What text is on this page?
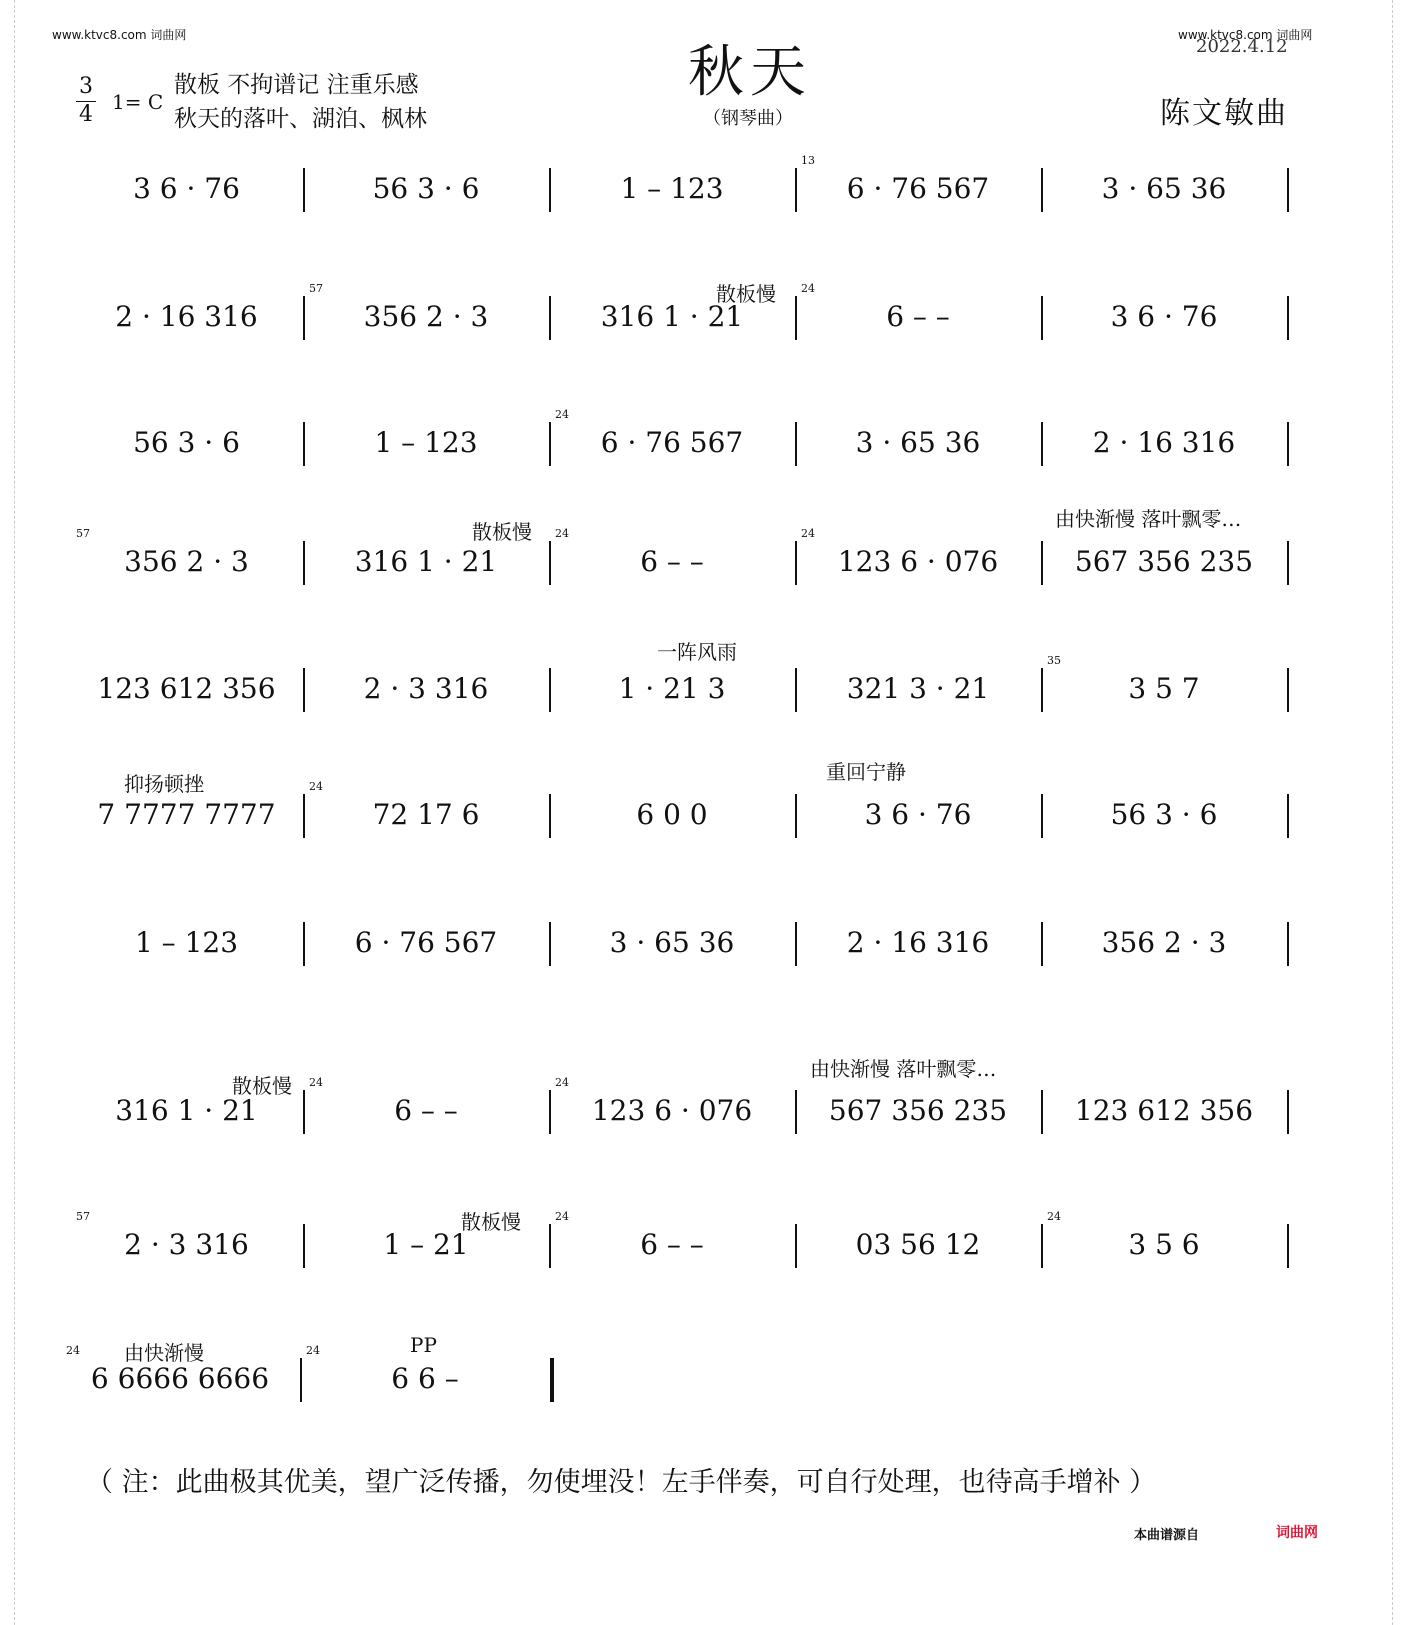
www.ktvc8.com 词曲网	www.ktvc8.com 词曲网
2022.4.12
秋天
（钢琴曲）	陈文敏曲
3
4 1= C
散板 不拘谱记 注重乐感
秋天的落叶、湖泊、枫林
3 6 · 76	56 3 · 6	1 – 123
13
6 · 76 567	3 · 65 36
2 · 16 316
57
356 2 · 3	316 1 · 21
24
6 – –	3 6 · 76
散板慢
56 3 · 6	1 – 123
24
6 · 76 567	3 · 65 36	2 · 16 316
57
356 2 · 3	316 1 · 21
24
6 – –
24
123 6 · 076	567 356 235
散板慢
由快渐慢 落叶飘零…
123 612 356	2 · 3 316	1 · 21 3	321 3 · 21
35
3 5 7
一阵风雨
7 7777 7777
24
72 17 6	6 0 0	3 6 · 76	56 3 · 6
抑扬顿挫	重回宁静
1 – 123	6 · 76 567	3 · 65 36	2 · 16 316	356 2 · 3
316 1 · 21
24
6 – –
24
123 6 · 076	567 356 235	123 612 356
散板慢
由快渐慢 落叶飘零…
57
2 · 3 316	1 – 21
24
6 – –	03 56 12
24
3 5 6
散板慢
24
6 6666 6666
24
6 6 –
由快渐慢	PP
（ 注：此曲极其优美，望广泛传播，勿使埋没！左手伴奏，可自行处理，也待高手增补 ）
本曲谱源自	词曲网
